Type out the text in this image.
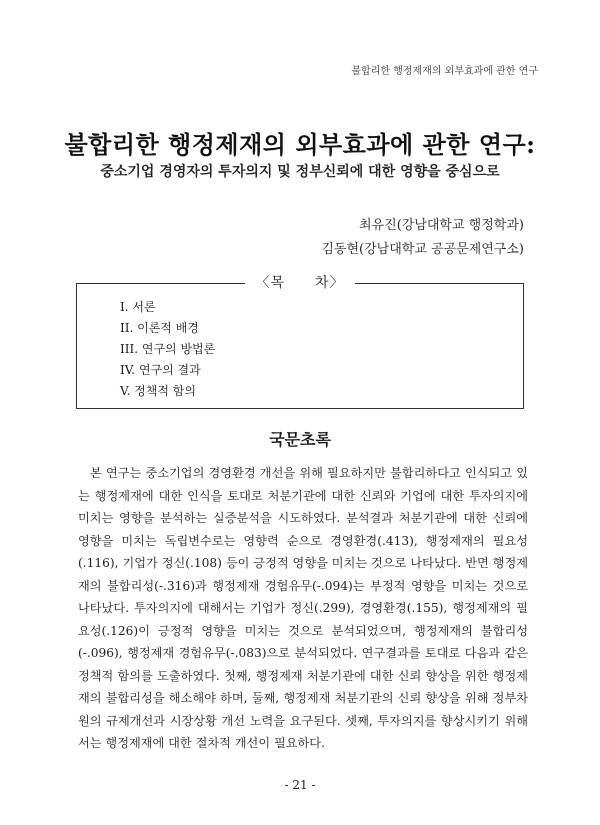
불합리한 행정제재의 외부효과에 관한 연구
불합리한 행정제재의 외부효과에 관한 연구:
중소기업 경영자의 투자의지 및 정부신뢰에 대한 영향을 중심으로
최유진(강남대학교 행정학과)
김동현(강남대학교 공공문제연구소)
〈목　　차〉
I. 서론
II. 이론적 배경
III. 연구의 방법론
IV. 연구의 결과
V. 정책적 함의
국문초록

본 연구는 중소기업의 경영환경 개선을 위해 필요하지만 불합리하다고 인식되고 있는 행정제재에 대한 인식을 토대로 처분기관에 대한 신뢰와 기업에 대한 투자의지에 미치는 영향을 분석하는 실증분석을 시도하였다. 분석결과 처분기관에 대한 신뢰에 영향을 미치는 독립변수로는 영향력 순으로 경영환경(.413), 행정제재의 필요성(.116), 기업가 정신(.108) 등이 긍정적 영향을 미치는 것으로 나타났다. 반면 행정제재의 불합리성(-.316)과 행정제재 경험유무(-.094)는 부정적 영향을 미치는 것으로 나타났다. 투자의지에 대해서는 기업가 정신(.299), 경영환경(.155), 행정제재의 필요성(.126)이 긍정적 영향을 미치는 것으로 분석되었으며, 행정제재의 불합리성(-.096), 행정제재 경험유무(-.083)으로 분석되었다. 연구결과를 토대로 다음과 같은 정책적 함의를 도출하였다. 첫째, 행정제재 처분기관에 대한 신뢰 향상을 위한 행정제재의 불합리성을 해소해야 하며, 둘째, 행정제재 처분기관의 신뢰 향상을 위해 정부차원의 규제개선과 시장상황 개선 노력을 요구된다. 셋째, 투자의지를 향상시키기 위해서는 행정제재에 대한 절차적 개선이 필요하다.

- 21 -
